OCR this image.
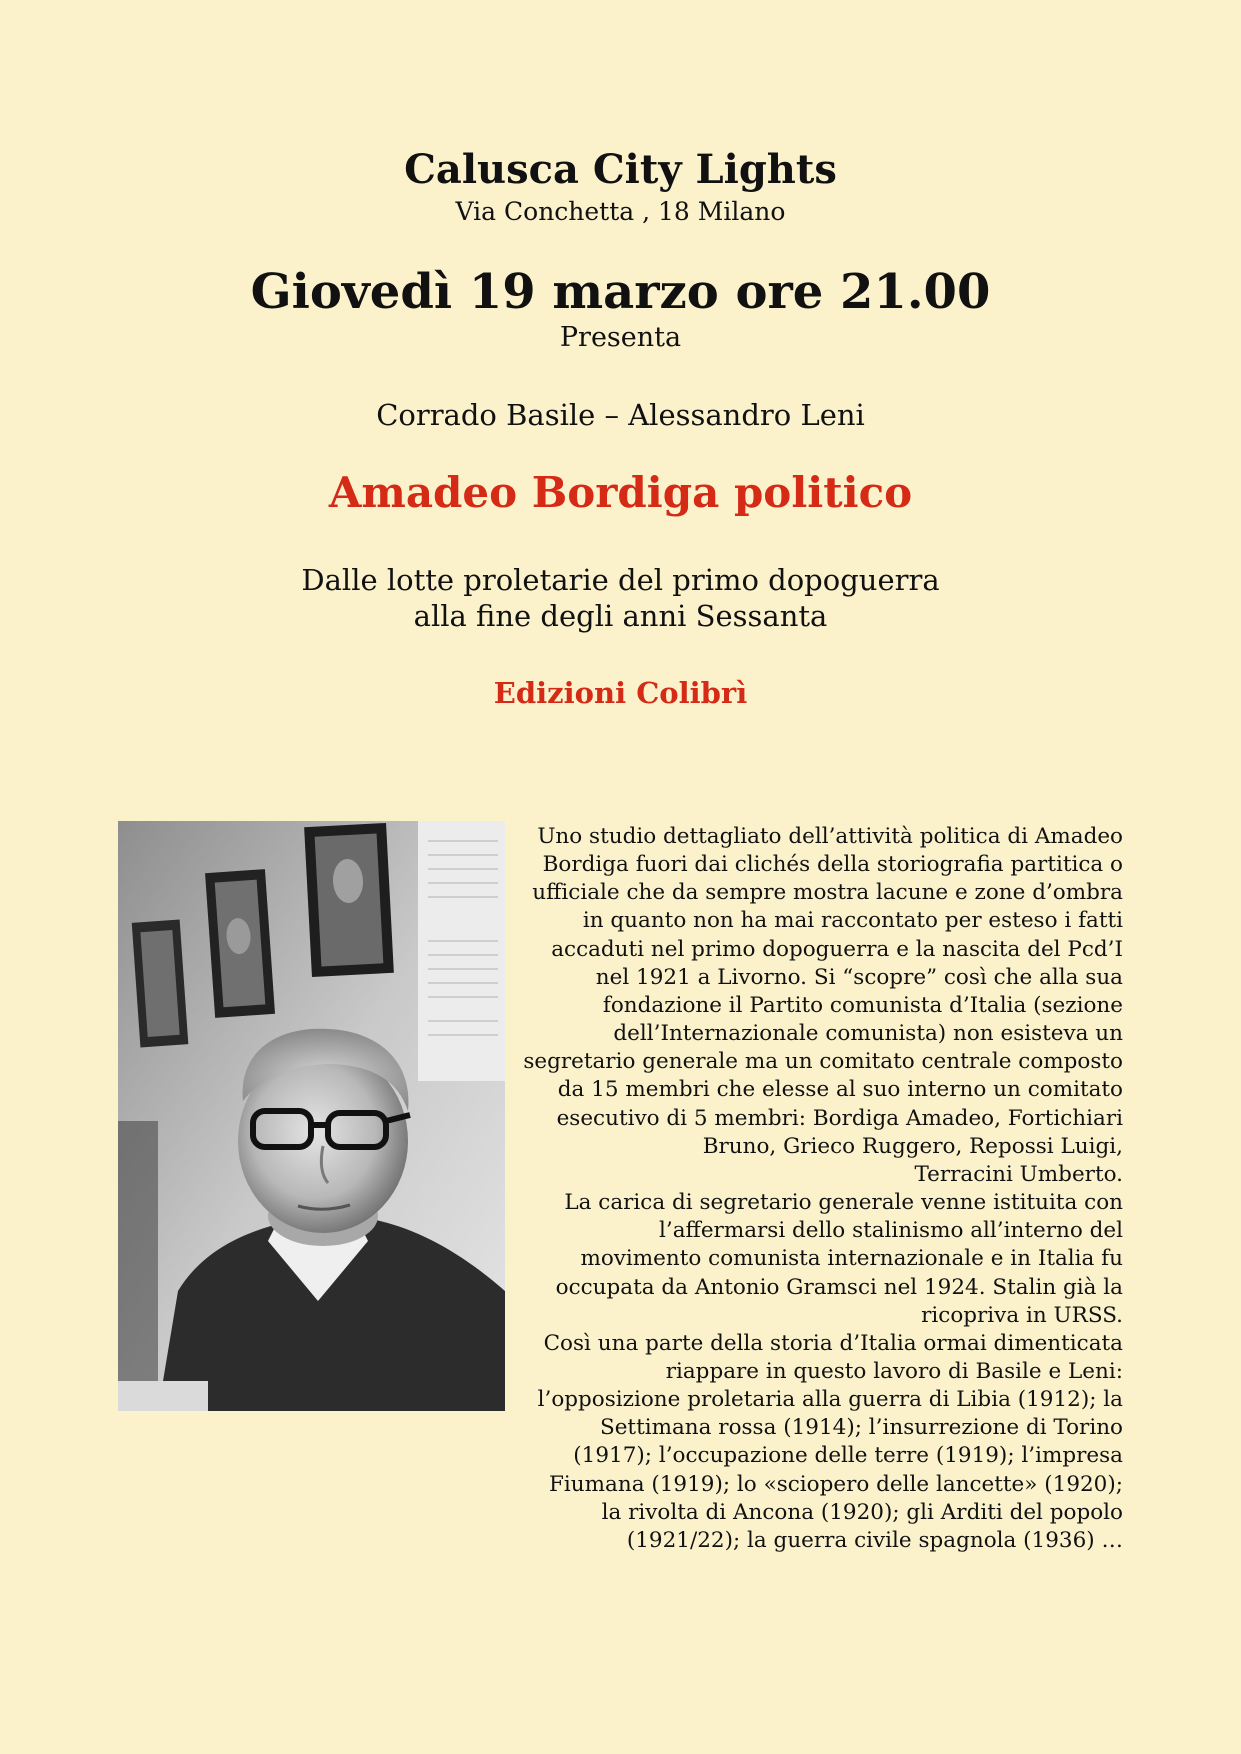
Calusca City Lights
Via Conchetta , 18 Milano
Giovedì 19 marzo ore 21.00
Presenta
Corrado Basile – Alessandro Leni
Amadeo Bordiga politico
Dalle lotte proletarie del primo dopoguerra
alla fine degli anni Sessanta
Edizioni Colibrì

Uno studio dettagliato dell’attività politica di Amadeo

Bordiga fuori dai clichés della storiografia partitica o

ufficiale che da sempre mostra lacune e zone d’ombra

in quanto non ha mai raccontato per esteso i fatti

accaduti nel primo dopoguerra e la nascita del Pcd’I

nel 1921 a Livorno. Si “scopre” così che alla sua

fondazione il Partito comunista d’Italia (sezione

dell’Internazionale comunista) non esisteva un

segretario generale ma un comitato centrale composto

da 15 membri che elesse al suo interno un comitato

esecutivo di 5 membri: Bordiga Amadeo, Fortichiari

Bruno, Grieco Ruggero, Repossi Luigi,

Terracini Umberto.

La carica di segretario generale venne istituita con

l’affermarsi dello stalinismo all’interno del

movimento comunista internazionale e in Italia fu

occupata da Antonio Gramsci nel 1924. Stalin già la

ricopriva in URSS.

Così una parte della storia d’Italia ormai dimenticata

riappare in questo lavoro di Basile e Leni:

l’opposizione proletaria alla guerra di Libia (1912); la

Settimana rossa (1914); l’insurrezione di Torino

(1917); l’occupazione delle terre (1919); l’impresa

Fiumana (1919); lo «sciopero delle lancette» (1920);

la rivolta di Ancona (1920); gli Arditi del popolo

(1921/22); la guerra civile spagnola (1936) …
